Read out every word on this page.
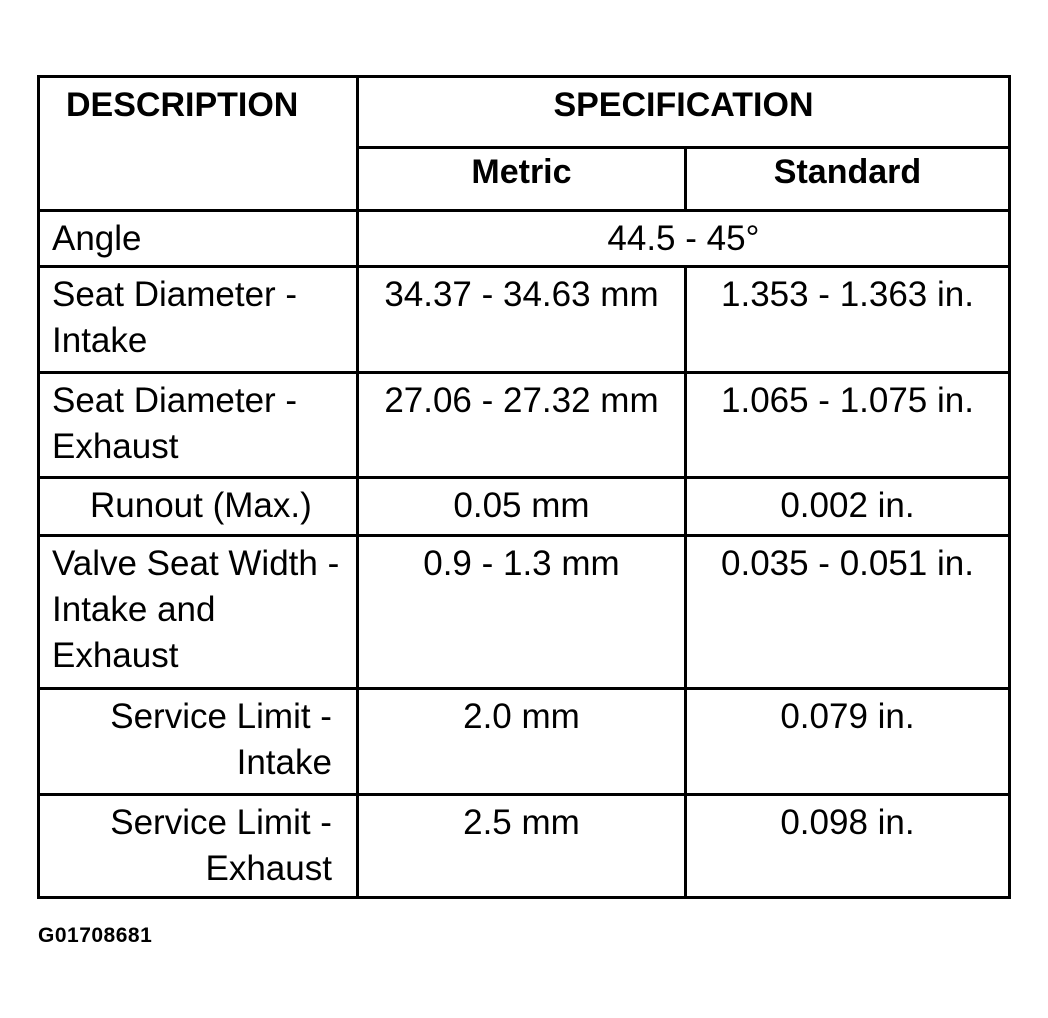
DESCRIPTION	SPECIFICATION	
	Metric	Standard
Angle	44.5 - 45°	
Seat Diameter - Intake	34.37 - 34.63 mm	1.353 - 1.363 in.
Seat Diameter - Exhaust	27.06 - 27.32 mm	1.065 - 1.075 in.
Runout (Max.)	0.05 mm	0.002 in.
Valve Seat Width - Intake and Exhaust	0.9 - 1.3 mm	0.035 - 0.051 in.
Service Limit - Intake	2.0 mm	0.079 in.
Service Limit - Exhaust	2.5 mm	0.098 in.
G01708681
